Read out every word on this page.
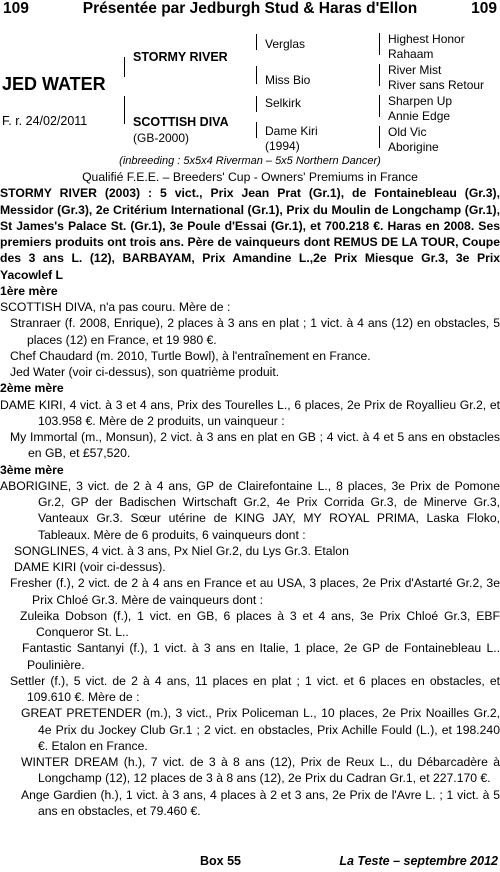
109	Présentée par Jedburgh Stud & Haras d'Ellon	109
JED WATER
F. r. 24/02/2011
STORMY RIVER
SCOTTISH DIVA
(GB-2000)
Verglas
Miss Bio
Selkirk
Dame Kiri
(1994)
Highest Honor
Rahaam
River Mist
River sans Retour
Sharpen Up
Annie Edge
Old Vic
Aborigine
(inbreeding : 5x5x4 Riverman – 5x5 Northern Dancer)

Qualifié F.E.E. – Breeders' Cup - Owners' Premiums in France

STORMY RIVER (2003) : 5 vict., Prix Jean Prat (Gr.1), de Fontainebleau (Gr.3), Messidor (Gr.3), 2e Critérium International (Gr.1), Prix du Moulin de Longchamp (Gr.1), St James's Palace St. (Gr.1), 3e Poule d'Essai (Gr.1), et 700.218 €. Haras en 2008. Ses premiers produits ont trois ans. Père de vainqueurs dont REMUS DE LA TOUR, Coupe des 3 ans L. (12), BARBAYAM, Prix Amandine L.,2e Prix Miesque Gr.3, 3e Prix Yacowlef L

1ère mère

SCOTTISH DIVA, n'a pas couru. Mère de :

Stranraer (f. 2008, Enrique), 2 places à 3 ans en plat ; 1 vict. à 4 ans (12) en obstacles, 5 places (12) en France, et 19 980 €.

Chef Chaudard (m. 2010, Turtle Bowl), à l'entraînement en France.

Jed Water (voir ci-dessus), son quatrième produit.

2ème mère

DAME KIRI, 4 vict. à 3 et 4 ans, Prix des Tourelles L., 6 places, 2e Prix de Royallieu Gr.2, et 103.958 €. Mère de 2 produits, un vainqueur :

My Immortal (m., Monsun), 2 vict. à 3 ans en plat en GB ; 4 vict. à 4 et 5 ans en obstacles en GB, et £57,520.

3ème mère

ABORIGINE, 3 vict. de 2 à 4 ans, GP de Clairefontaine L., 8 places, 3e Prix de Pomone Gr.2, GP der Badischen Wirtschaft Gr.2, 4e Prix Corrida Gr.3, de Minerve Gr.3, Vanteaux Gr.3. Sœur utérine de KING JAY, MY ROYAL PRIMA, Laska Floko, Tableaux. Mère de 6 produits, 6 vainqueurs dont :

SONGLINES, 4 vict. à 3 ans, Px Niel Gr.2, du Lys Gr.3. Etalon

DAME KIRI (voir ci-dessus).

Fresher (f.), 2 vict. de 2 à 4 ans en France et au USA, 3 places, 2e Prix d'Astarté Gr.2, 3e Prix Chloé Gr.3. Mère de vainqueurs dont :

Zuleika Dobson (f.), 1 vict. en GB, 6 places à 3 et 4 ans, 3e Prix Chloé Gr.3, EBF Conqueror St. L..

Fantastic Santanyi (f.), 1 vict. à 3 ans en Italie, 1 place, 2e GP de Fontainebleau L.. Poulinière.

Settler (f.), 5 vict. de 2 à 4 ans, 11 places en plat ; 1 vict. et 6 places en obstacles, et 109.610 €. Mère de :

GREAT PRETENDER (m.), 3 vict., Prix Policeman L., 10 places, 2e Prix Noailles Gr.2, 4e Prix du Jockey Club Gr.1 ; 2 vict. en obstacles, Prix Achille Fould (L.), et 198.240 €. Etalon en France.

WINTER DREAM (h.), 7 vict. de 3 à 8 ans (12), Prix de Reux L., du Débarcadère à Longchamp (12), 12 places de 3 à 8 ans (12), 2e Prix du Cadran Gr.1, et 227.170 €.

Ange Gardien (h.), 1 vict. à 3 ans, 4 places à 2 et 3 ans, 2e Prix de l'Avre L. ; 1 vict. à 5 ans en obstacles, et 79.460 €.

Box 55	La Teste – septembre 2012
